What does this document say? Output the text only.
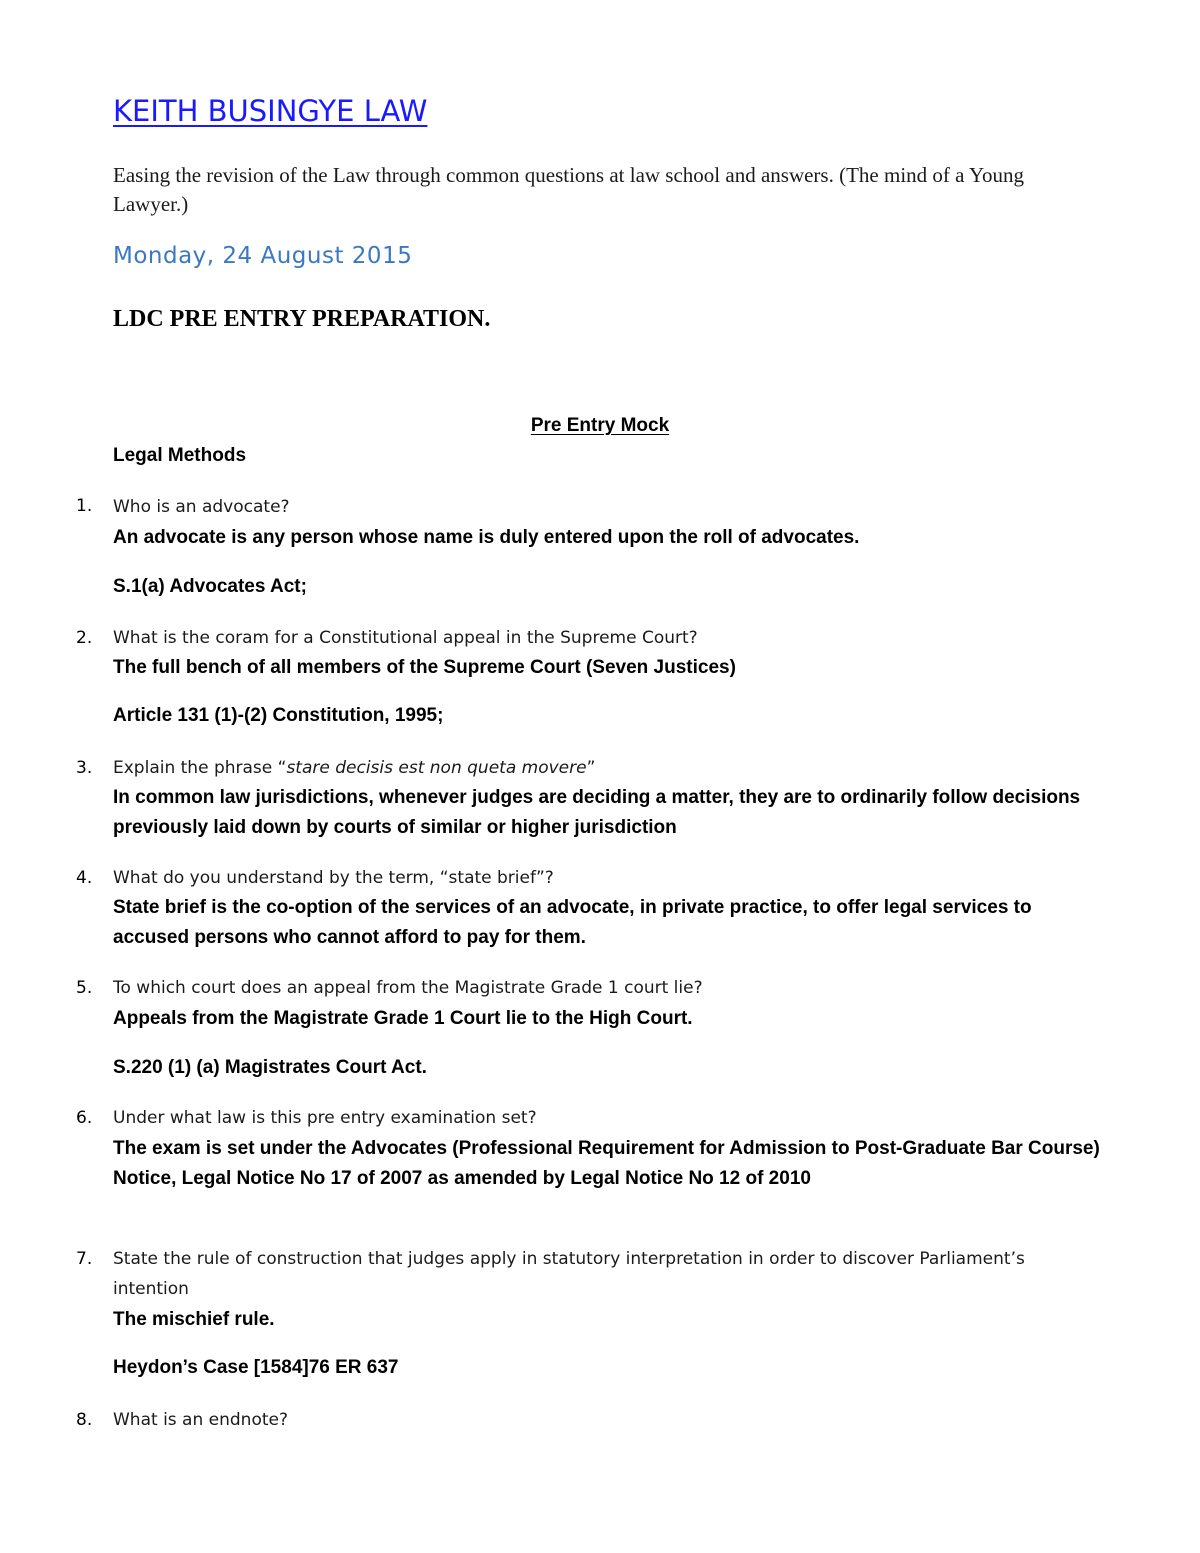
KEITH BUSINGYE LAW
Easing the revision of the Law through common questions at law school and answers. (The mind of a Young Lawyer.)
Monday, 24 August 2015
LDC PRE ENTRY PREPARATION.
Pre Entry Mock
Legal Methods
1.	Who is an advocate?
An advocate is any person whose name is duly entered upon the roll of advocates.
S.1(a) Advocates Act;
2.	What is the coram for a Constitutional appeal in the Supreme Court?
The full bench of all members of the Supreme Court (Seven Justices)
Article 131 (1)-(2) Constitution, 1995;
3.	Explain the phrase “stare decisis est non queta movere”
In common law jurisdictions, whenever judges are deciding a matter, they are to ordinarily follow decisions previously laid down by courts of similar or higher jurisdiction
4.	What do you understand by the term, “state brief”?
State brief is the co-option of the services of an advocate, in private practice, to offer legal services to accused persons who cannot afford to pay for them.
5.	To which court does an appeal from the Magistrate Grade 1 court lie?
Appeals from the Magistrate Grade 1 Court lie to the High Court.
S.220 (1) (a) Magistrates Court Act.
6.	Under what law is this pre entry examination set?
The exam is set under the Advocates (Professional Requirement for Admission to Post-Graduate Bar Course) Notice, Legal Notice No 17 of 2007 as amended by Legal Notice No 12 of 2010
7.	State the rule of construction that judges apply in statutory interpretation in order to discover Parliament’s intention
The mischief rule.
Heydon’s Case [1584]76 ER 637
8.	What is an endnote?
